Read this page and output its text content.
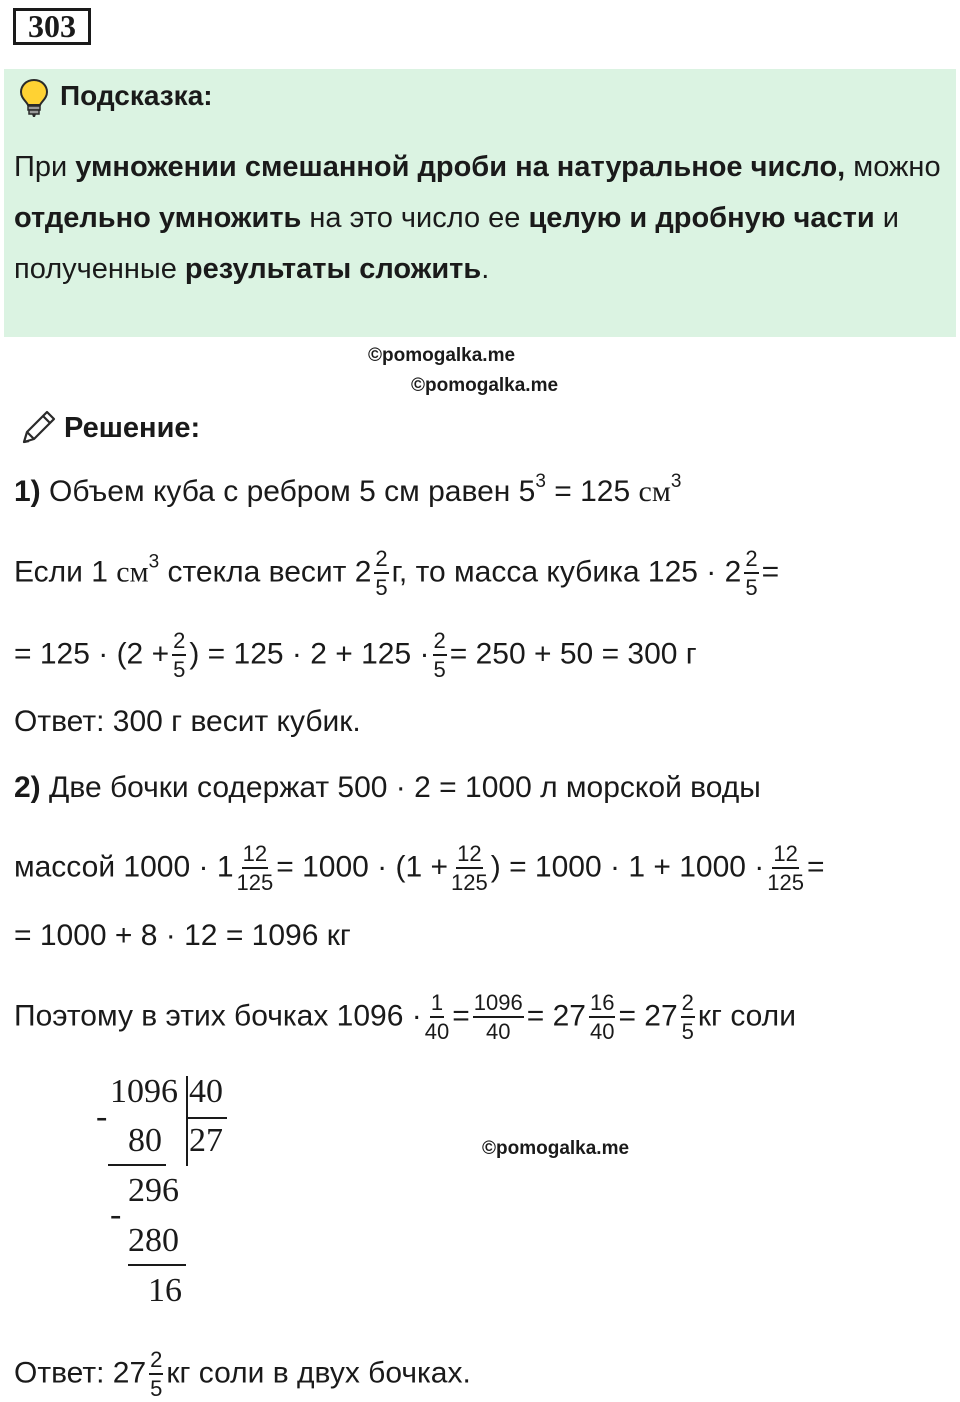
303
Подсказка:
При умножении смешанной дроби на натуральное число, можно отдельно умножить на это число ее целую и дробную части и полученные результаты сложить.
©pomogalka.me
©pomogalka.me
Решение:
1) Объем куба с ребром 5 см равен $5^3 = 125$ $см^3$
Если 1 $см^3$ стекла весит $2 \frac{2}{5} г$, то масса кубика $125 \cdot 2 \frac{2}{5}$ =
= $125 \cdot (2 + \frac{2}{5}$ ) = $125 \cdot 2 + 125 \cdot \frac{2}{5} = 250 + 50 = 300$ г
Ответ: 300 г весит кубик.
2) Две бочки содержат 500 · 2 = 1000 л морской воды
массой $1000 \cdot 1 \frac{12}{125} = 1000 \cdot (1 + \frac{12}{125}$ ) = $1000 \cdot 1 + 1000 \cdot \frac{12}{125}$ =
= 1000 + 8 · 12 = 1096 кг
Поэтому в этих бочках $1096 \cdot \frac{1}{40} = \frac{1096}{40} = 27 \frac{16}{40} = 27 \frac{2}{5}$ кг соли
1096 40
27
-
80
296
-
280
16
©pomogalka.me
Ответ: $27 \frac{2}{5}$ кг соли в двух бочках.
